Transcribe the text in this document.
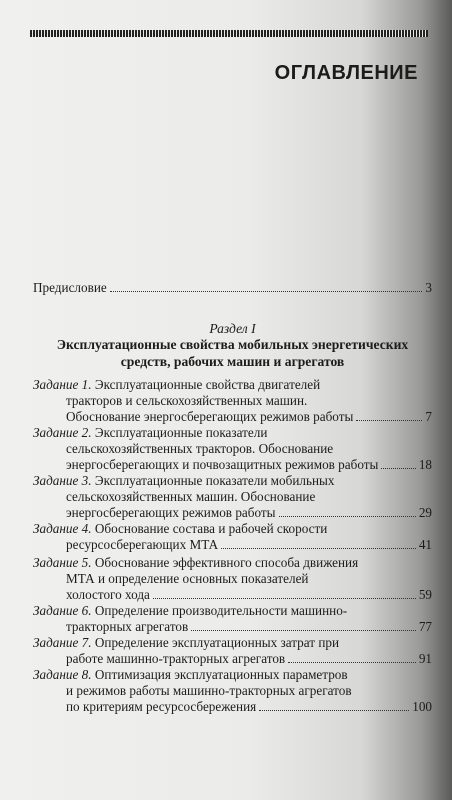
ОГЛАВЛЕНИЕ
Предисловие	3
Раздел I
Эксплуатационные свойства мобильных энергетических
средств, рабочих машин и агрегатов
Задание 1. Эксплуатационные свойства двигателей
тракторов и сельскохозяйственных машин.
Обоснование энергосберегающих режимов работы	7
Задание 2. Эксплуатационные показатели
сельскохозяйственных тракторов. Обоснование
энергосберегающих и почвозащитных режимов работы	18
Задание 3. Эксплуатационные показатели мобильных
сельскохозяйственных машин. Обоснование
энергосберегающих режимов работы	29
Задание 4. Обоснование состава и рабочей скорости
ресурсосберегающих МТА	41
Задание 5. Обоснование эффективного способа движения
МТА и определение основных показателей
холостого хода	59
Задание 6. Определение производительности машинно-
тракторных агрегатов	77
Задание 7. Определение эксплуатационных затрат при
работе машинно-тракторных агрегатов	91
Задание 8. Оптимизация эксплуатационных параметров
и режимов работы машинно-тракторных агрегатов
по критериям ресурсосбережения	100
